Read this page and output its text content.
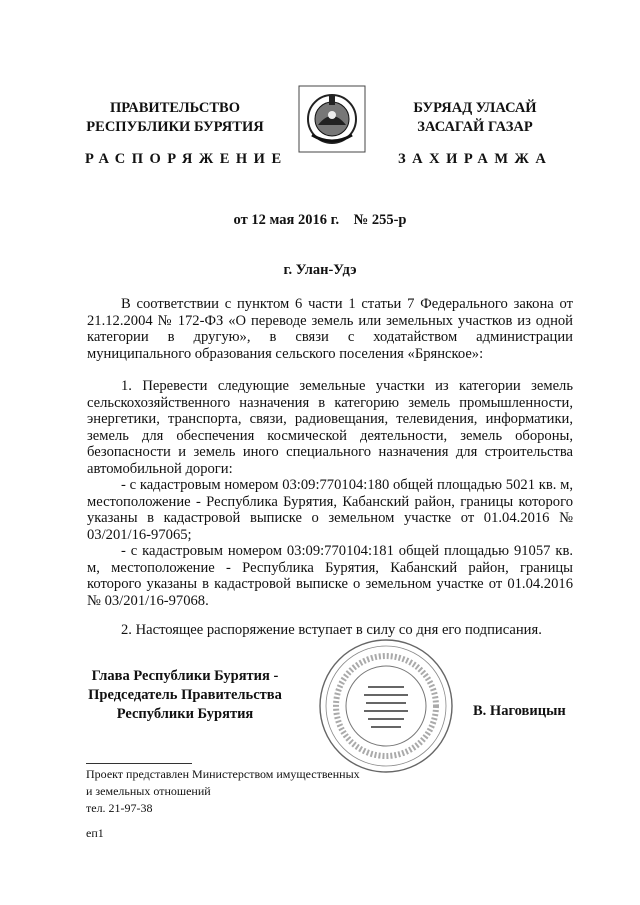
ПРАВИТЕЛЬСТВО
РЕСПУБЛИКИ БУРЯТИЯ
БУРЯАД УЛАСАЙ
ЗАСАГАЙ ГАЗАР
РАСПОРЯЖЕНИЕ	ЗАХИРАМЖА
от 12 мая 2016 г.    № 255-р
г. Улан-Удэ

В соответствии с пунктом 6 части 1 статьи 7 Федерального закона от 21.12.2004 № 172-ФЗ «О переводе земель или земельных участков из одной категории в другую», в связи с ходатайством администрации муниципального образования сельского поселения «Брянское»:

1. Перевести следующие земельные участки из категории земель сельскохозяйственного назначения в категорию земель промышленности, энергетики, транспорта, связи, радиовещания, телевидения, информатики, земель для обеспечения космической деятельности, земель обороны, безопасности и земель иного специального назначения для строительства автомобильной дороги:

- с кадастровым номером 03:09:770104:180 общей площадью 5021 кв. м, местоположение - Республика Бурятия, Кабанский район, границы которого указаны в кадастровой выписке о земельном участке от 01.04.2016 № 03/201/16-97065;

- с кадастровым номером 03:09:770104:181 общей площадью 91057 кв. м, местоположение - Республика Бурятия, Кабанский район, границы которого указаны в кадастровой выписке о земельном участке от 01.04.2016 № 03/201/16-97068.

2. Настоящее распоряжение вступает в силу со дня его подписания.

Глава Республики Бурятия -
Председатель Правительства
Республики Бурятия	В. Наговицын
Проект представлен Министерством имущественных
и земельных отношений
тел. 21-97-38
еп1
